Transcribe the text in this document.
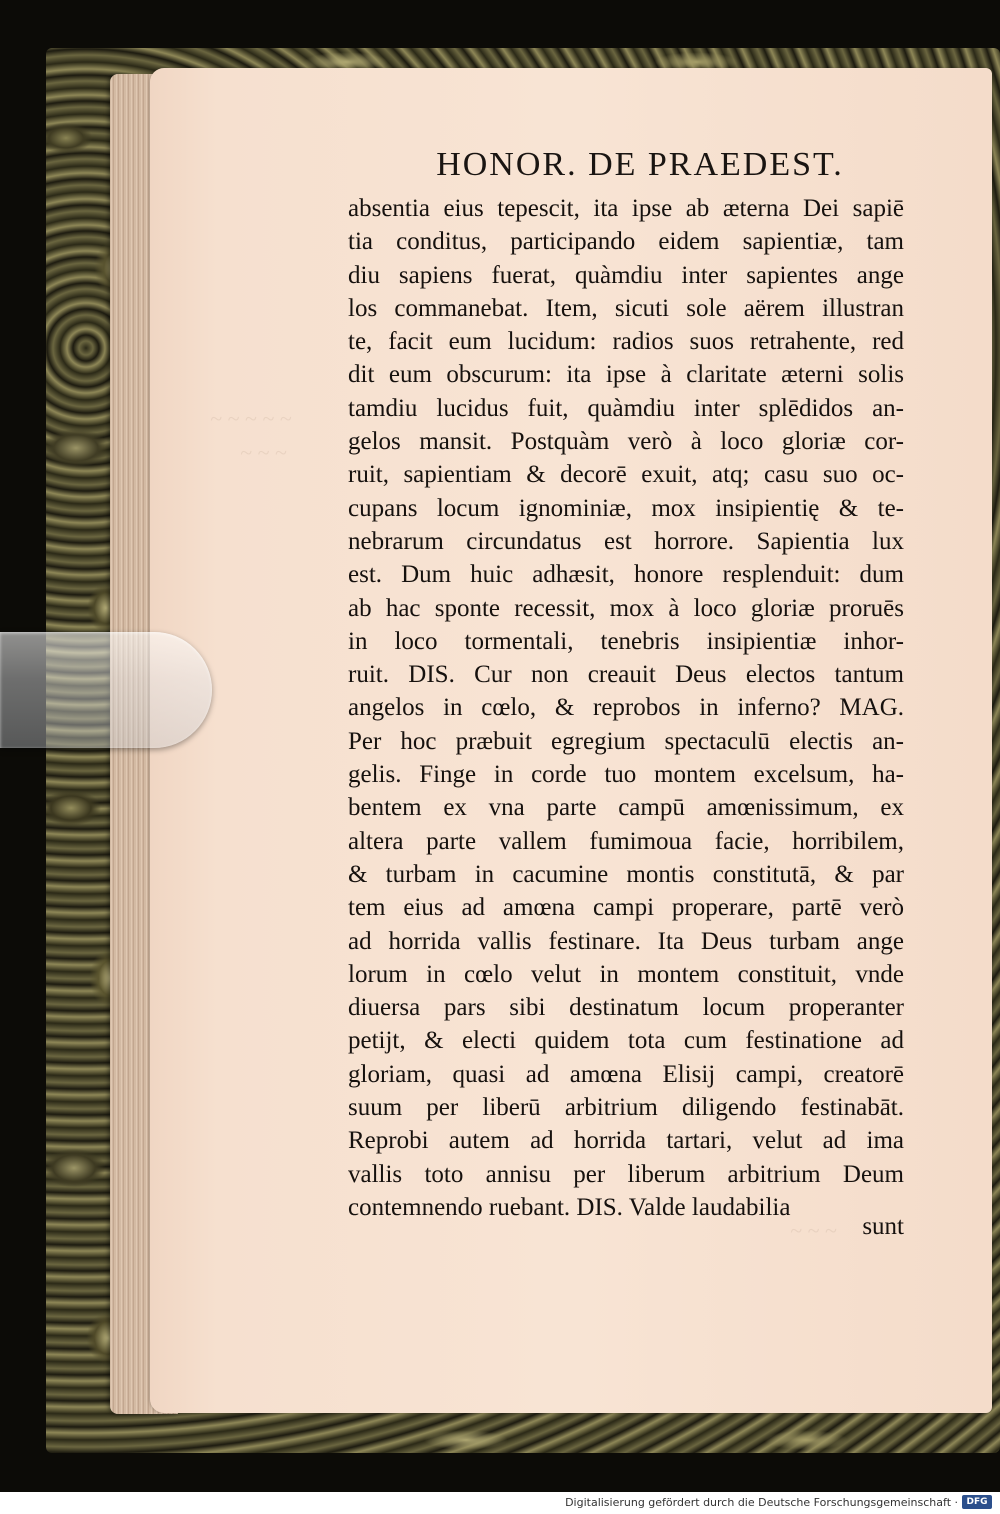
~ ~ ~ ~ ~
~ ~ ~
~ ~ ~
HONOR. DE PRAEDEST.
absentia eius tepescit, ita ipse ab æterna Dei sapiē
tia conditus, participando eidem sapientiæ, tam
diu sapiens fuerat, quàmdiu inter sapientes ange
los commanebat. Item, sicuti sole aërem illustran
te, facit eum lucidum: radios suos retrahente, red
dit eum obscurum: ita ipse à claritate æterni solis
tamdiu lucidus fuit, quàmdiu inter splēdidos an-
gelos mansit. Postquàm verò à loco gloriæ cor-
ruit, sapientiam & decorē exuit, atq; casu suo oc-
cupans locum ignominiæ, mox insipientię & te-
nebrarum circundatus est horrore. Sapientia lux
est. Dum huic adhæsit, honore resplenduit: dum
ab hac sponte recessit, mox à loco gloriæ proruēs
in loco tormentali, tenebris insipientiæ inhor-
ruit. DIS. Cur non creauit Deus electos tantum
angelos in cœlo, & reprobos in inferno? MAG.
Per hoc præbuit egregium spectaculū electis an-
gelis. Finge in corde tuo montem excelsum, ha-
bentem ex vna parte campū amœnissimum, ex
altera parte vallem fumimoua facie, horribilem,
& turbam in cacumine montis constitutā, & par
tem eius ad amœna campi properare, partē verò
ad horrida vallis festinare. Ita Deus turbam ange
lorum in cœlo velut in montem constituit, vnde
diuersa pars sibi destinatum locum properanter
petijt, & electi quidem tota cum festinatione ad
gloriam, quasi ad amœna Elisij campi, creatorē
suum per liberū arbitrium diligendo festinabāt.
Reprobi autem ad horrida tartari, velut ad ima
vallis toto annisu per liberum arbitrium Deum
contemnendo ruebant. DIS. Valde laudabilia
sunt
Digitalisierung gefördert durch die Deutsche Forschungsgemeinschaft · DFG
